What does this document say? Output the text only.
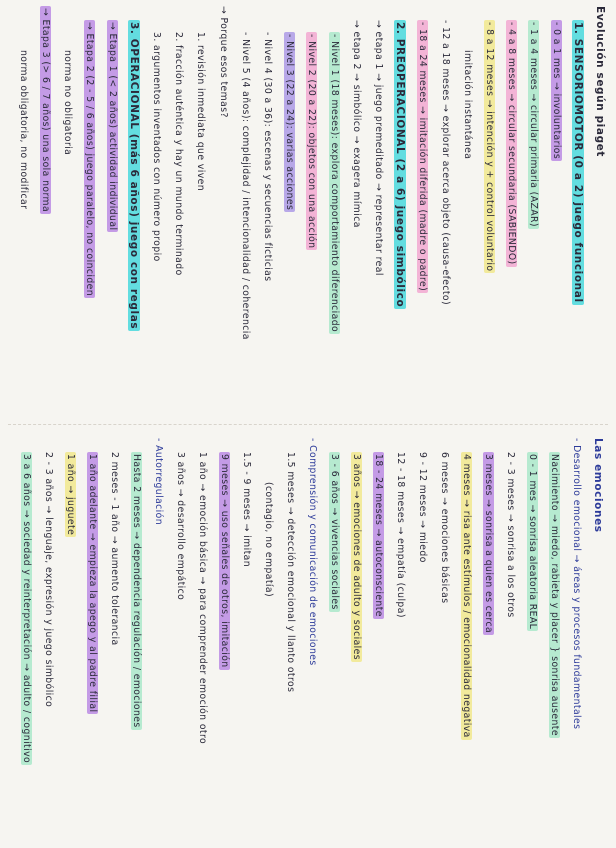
Evolución según piaget
1. SENSORIOMOTOR (0 a 2) juego funcional
- 0 a 1 mes → involuntarios
- 1 a 4 meses → circular primaria (AZAR)
- 4 a 8 meses → circular secundaria (SABIENDO)
- 8 a 12 meses → intención y + control voluntario
imitación instantánea
- 12 a 18 meses → explorar acerca objeto (causa-efecto)
- 18 a 24 meses → imitación diferida (madre o padre)
2. PREOPERACIONAL (2 a 6) juego simbólico
→ etapa 1 → juego premeditado → representar real
→ etapa 2 → simbólico → exagera mímica
- Nivel 1 (18 meses): explora comportamiento diferenciado
- Nivel 2 (20 a 22): objetos con una acción
- Nivel 3 (22 a 24): varias acciones
- Nivel 4 (30 a 36): escenas y secuencias ficticias
- Nivel 5 (4 años): complejidad / intencionalidad / coherencia
→ Porque esos temas?
1. revisión inmediata que viven
2. fracción auténtica y hay un mundo terminado
3. argumentos inventados con número propio
3. OPERACIONAL (más 6 años) juego con reglas
→ Etapa 1 (< 2 años) actividad individual
→ Etapa 2 (2 - 5 / 6 años) juego paralelo, no coinciden
norma no obligatoria
→ Etapa 3 (> 6 / 7 años) una sola norma
norma obligatoria, no modificar
Las emociones
- Desarrollo emocional → áreas y procesos fundamentales
Nacimiento → miedo, rabieta y placer } sonrisa ausente
0 - 1 mes → sonrisa aleatoria REAL
2 - 3 meses → sonrisa a los otros
3 meses → sonrisa a quien es cerca
4 meses → risa ante estímulos / emocionalidad negativa
6 meses → emociones básicas
9 - 12 meses → miedo
12 - 18 meses → empatía (culpa)
18 - 24 meses → autoconsciente
3 años → emociones de adulto y sociales
3 - 6 años → vivencias sociales
- Comprensión y comunicación de emociones
1.5 meses → detección emocional y llanto otros
(contagio, no empatía)
1.5 - 9 meses → imitan
9 meses → uso señales de otros, imitación
1 año → emoción básica → para comprender emoción otro
3 años → desarrollo empático
- Autorregulación
Hasta 2 meses → dependencia regulación / emociones
2 meses - 1 año → aumento tolerancia
1 año adelante → empieza la apego y al padre filial
1 año → juguete
2 - 3 años → lenguaje, expresión y juego simbólico
3 a 6 años → sociedad y reinterpretación → adulto / cognitivo
